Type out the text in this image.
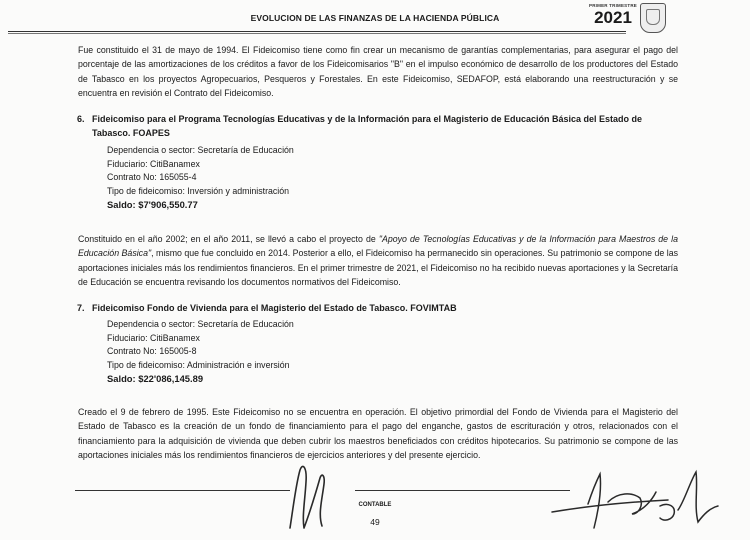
EVOLUCION DE LAS FINANZAS DE LA HACIENDA PÚBLICA
PRIMER TRIMESTRE
2021
Fue constituido el 31 de mayo de 1994. El Fideicomiso tiene como fin crear un mecanismo de garantías complementarias, para asegurar el pago del porcentaje de las amortizaciones de los créditos a favor de los Fideicomisarios "B" en el impulso económico de desarrollo de los productores del Estado de Tabasco en los proyectos Agropecuarios, Pesqueros y Forestales. En este Fideicomiso, SEDAFOP, está elaborando una reestructuración y se encuentra en revisión el Contrato del Fideicomiso.
6. Fideicomiso para el Programa Tecnologías Educativas y de la Información para el Magisterio de Educación Básica del Estado de Tabasco. FOAPES
Dependencia o sector: Secretaría de Educación
Fiduciario: CitiBanamex
Contrato No: 165055-4
Tipo de fideicomiso: Inversión y administración
Saldo: $7'906,550.77
Constituido en el año 2002; en el año 2011, se llevó a cabo el proyecto de "Apoyo de Tecnologías Educativas y de la Información para Maestros de la Educación Básica", mismo que fue concluido en 2014. Posterior a ello, el Fideicomiso ha permanecido sin operaciones. Su patrimonio se compone de las aportaciones iniciales más los rendimientos financieros. En el primer trimestre de 2021, el Fideicomiso no ha recibido nuevas aportaciones y la Secretaría de Educación se encuentra revisando los documentos normativos del Fideicomiso.
7. Fideicomiso Fondo de Vivienda para el Magisterio del Estado de Tabasco. FOVIMTAB
Dependencia o sector: Secretaría de Educación
Fiduciario: CitiBanamex
Contrato No: 165005-8
Tipo de fideicomiso: Administración e inversión
Saldo: $22'086,145.89
Creado el 9 de febrero de 1995. Este Fideicomiso no se encuentra en operación. El objetivo primordial del Fondo de Vivienda para el Magisterio del Estado de Tabasco es la creación de un fondo de financiamiento para el pago del enganche, gastos de escrituración y otros, relacionados con el financiamiento para la adquisición de vivienda que deben cubrir los maestros beneficiados con créditos hipotecarios. Su patrimonio se compone de las aportaciones iniciales más los rendimientos financieros de ejercicios anteriores y del presente ejercicio.
CONTABLE
49
